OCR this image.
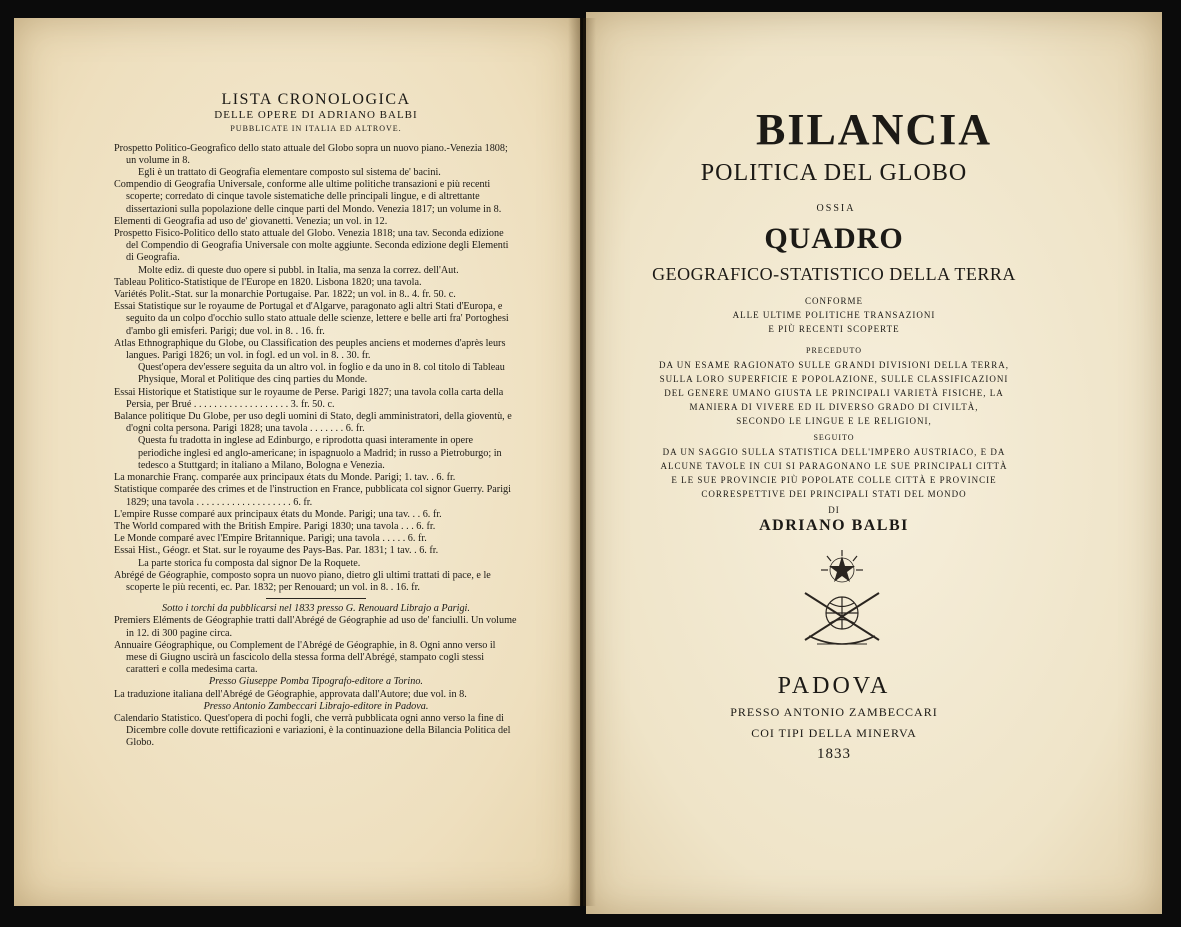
LISTA CRONOLOGICA
DELLE OPERE DI ADRIANO BALBI
PUBBLICATE IN ITALIA ED ALTROVE.

Prospetto Politico-Geografico dello stato attuale del Globo sopra un nuovo piano.-Venezia 1808; un volume in 8.

Egli è un trattato di Geografia elementare composto sul sistema de' bacini.

Compendio di Geografia Universale, conforme alle ultime politiche transazioni e più recenti scoperte; corredato di cinque tavole sistematiche delle principali lingue, e di altrettante dissertazioni sulla popolazione delle cinque parti del Mondo. Venezia 1817; un volume in 8.

Elementi di Geografia ad uso de' giovanetti. Venezia; un vol. in 12.

Prospetto Fisico-Politico dello stato attuale del Globo. Venezia 1818; una tav. Seconda edizione del Compendio di Geografia Universale con molte aggiunte. Seconda edizione degli Elementi di Geografia.

Molte ediz. di queste duo opere si pubbl. in Italia, ma senza la correz. dell'Aut.

Tableau Politico-Statistique de l'Europe en 1820. Lisbona 1820; una tavola.

Variétés Polit.-Stat. sur la monarchie Portugaise. Par. 1822; un vol. in 8.. 4. fr. 50. c.

Essai Statistique sur le royaume de Portugal et d'Algarve, paragonato agli altri Stati d'Europa, e seguito da un colpo d'occhio sullo stato attuale delle scienze, lettere e belle arti fra' Portoghesi d'ambo gli emisferi. Parigi; due vol. in 8. . 16. fr.

Atlas Ethnographique du Globe, ou Classification des peuples anciens et modernes d'après leurs langues. Parigi 1826; un vol. in fogl. ed un vol. in 8. . 30. fr.

Quest'opera dev'essere seguita da un altro vol. in foglio e da uno in 8. col titolo di Tableau Physique, Moral et Politique des cinq parties du Monde.

Essai Historique et Statistique sur le royaume de Perse. Parigi 1827; una tavola colla carta della Persia, per Brué . . . . . . . . . . . . . . . . . . . 3. fr. 50. c.

Balance politique Du Globe, per uso degli uomini di Stato, degli amministratori, della gioventù, e d'ogni colta persona. Parigi 1828; una tavola . . . . . . . 6. fr.

Questa fu tradotta in inglese ad Edinburgo, e riprodotta quasi interamente in opere periodiche inglesi ed anglo-americane; in ispagnuolo a Madrid; in russo a Pietroburgo; in tedesco a Stuttgard; in italiano a Milano, Bologna e Venezia.

La monarchie Franç. comparée aux principaux états du Monde. Parigi; 1. tav. . 6. fr.

Statistique comparée des crimes et de l'instruction en France, pubblicata col signor Guerry. Parigi 1829; una tavola . . . . . . . . . . . . . . . . . . . 6. fr.

L'empire Russe comparé aux principaux états du Monde. Parigi; una tav. . . 6. fr.

The World compared with the British Empire. Parigi 1830; una tavola . . . 6. fr.

Le Monde comparé avec l'Empire Britannique. Parigi; una tavola . . . . . 6. fr.

Essai Hist., Géogr. et Stat. sur le royaume des Pays-Bas. Par. 1831; 1 tav. . 6. fr.

La parte storica fu composta dal signor De la Roquete.

Abrégé de Géographie, composto sopra un nuovo piano, dietro gli ultimi trattati di pace, e le scoperte le più recenti, ec. Par. 1832; per Renouard; un vol. in 8. . 16. fr.

Sotto i torchi da pubblicarsi nel 1833 presso G. Renouard Librajo a Parigi.

Premiers Eléments de Géographie tratti dall'Abrégé de Géographie ad uso de' fanciulli. Un volume in 12. di 300 pagine circa.

Annuaire Géographique, ou Complement de l'Abrégé de Géographie, in 8. Ogni anno verso il mese di Giugno uscirà un fascicolo della stessa forma dell'Abrégé, stampato cogli stessi caratteri e colla medesima carta.

Presso Giuseppe Pomba Tipografo-editore a Torino.

La traduzione italiana dell'Abrégé de Géographie, approvata dall'Autore; due vol. in 8.

Presso Antonio Zambeccari Librajo-editore in Padova.

Calendario Statistico. Quest'opera di pochi fogli, che verrà pubblicata ogni anno verso la fine di Dicembre colle dovute rettificazioni e variazioni, è la continuazione della Bilancia Politica del Globo.

BILANCIA
POLITICA DEL GLOBO
OSSIA
QUADRO
GEOGRAFICO-STATISTICO DELLA TERRA
CONFORME
ALLE ULTIME POLITICHE TRANSAZIONI
E PIÙ RECENTI SCOPERTE
PRECEDUTO
DA UN ESAME RAGIONATO SULLE GRANDI DIVISIONI DELLA TERRA,
SULLA LORO SUPERFICIE E POPOLAZIONE, SULLE CLASSIFICAZIONI
DEL GENERE UMANO GIUSTA LE PRINCIPALI VARIETÀ FISICHE, LA
MANIERA DI VIVERE ED IL DIVERSO GRADO DI CIVILTÀ,
SECONDO LE LINGUE E LE RELIGIONI,
SEGUITO
DA UN SAGGIO SULLA STATISTICA DELL'IMPERO AUSTRIACO, E DA
ALCUNE TAVOLE IN CUI SI PARAGONANO LE SUE PRINCIPALI CITTÀ
E LE SUE PROVINCIE PIÙ POPOLATE COLLE CITTÀ E PROVINCIE
CORRESPETTIVE DEI PRINCIPALI STATI DEL MONDO
DI
ADRIANO BALBI
PADOVA
PRESSO ANTONIO ZAMBECCARI
COI TIPI DELLA MINERVA
1833
